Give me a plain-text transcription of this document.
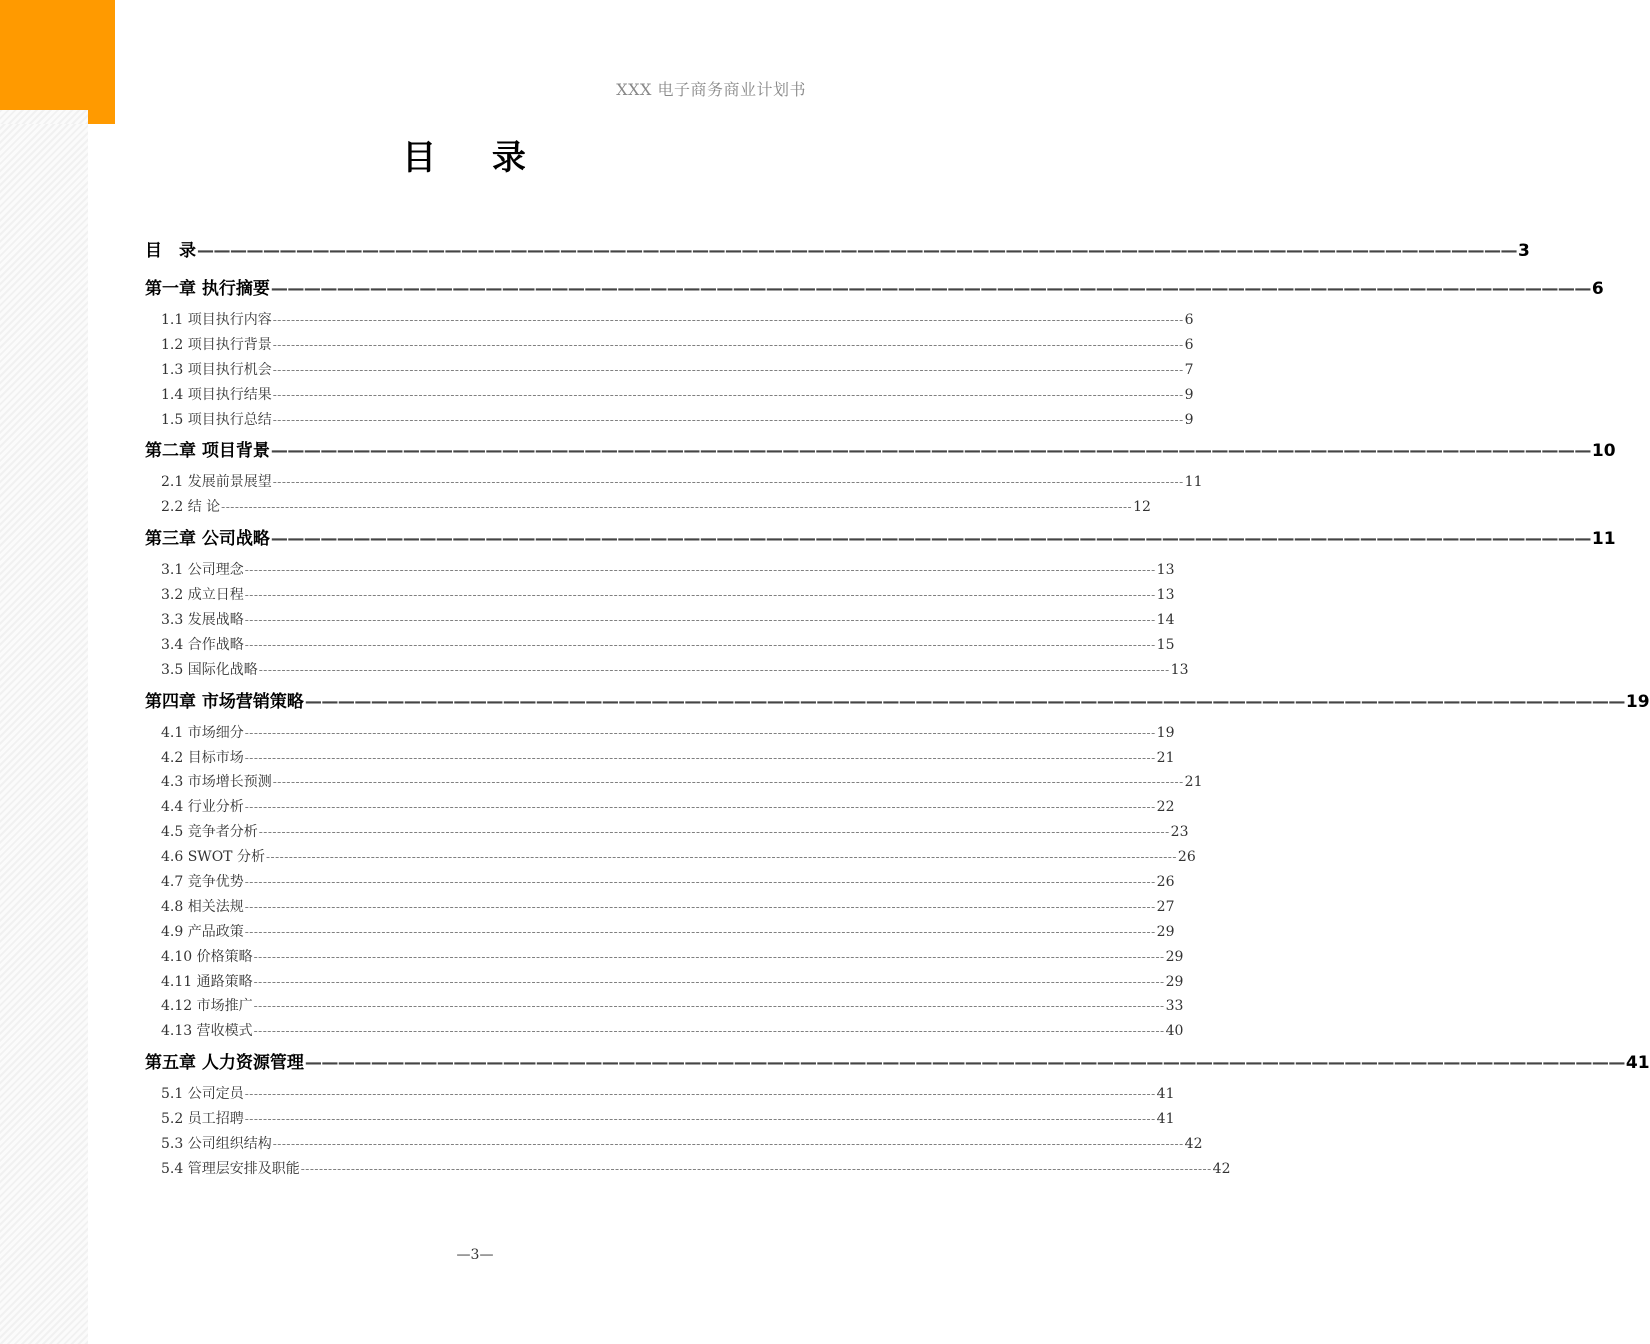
XXX 电子商务商业计划书
目 录
目　录 ———————————————————————————————————————————————————————————————————————————————— 3
第一章 执行摘要 ———————————————————————————————————————————————————————————————————————————————— 6
1.1 项目执行内容 -------------------------------------------------------------------------------------------------------------------------------------------------------------------------------------------------------- 6
1.2 项目执行背景 -------------------------------------------------------------------------------------------------------------------------------------------------------------------------------------------------------- 6
1.3 项目执行机会 -------------------------------------------------------------------------------------------------------------------------------------------------------------------------------------------------------- 7
1.4 项目执行结果 -------------------------------------------------------------------------------------------------------------------------------------------------------------------------------------------------------- 9
1.5 项目执行总结 -------------------------------------------------------------------------------------------------------------------------------------------------------------------------------------------------------- 9
第二章 项目背景 ———————————————————————————————————————————————————————————————————————————————— 10
2.1 发展前景展望 -------------------------------------------------------------------------------------------------------------------------------------------------------------------------------------------------------- 11
2.2 结 论 -------------------------------------------------------------------------------------------------------------------------------------------------------------------------------------------------------- 12
第三章 公司战略 ———————————————————————————————————————————————————————————————————————————————— 11
3.1 公司理念 -------------------------------------------------------------------------------------------------------------------------------------------------------------------------------------------------------- 13
3.2 成立日程 -------------------------------------------------------------------------------------------------------------------------------------------------------------------------------------------------------- 13
3.3 发展战略 -------------------------------------------------------------------------------------------------------------------------------------------------------------------------------------------------------- 14
3.4 合作战略 -------------------------------------------------------------------------------------------------------------------------------------------------------------------------------------------------------- 15
3.5 国际化战略 -------------------------------------------------------------------------------------------------------------------------------------------------------------------------------------------------------- 13
第四章 市场营销策略 ———————————————————————————————————————————————————————————————————————————————— 19
4.1 市场细分 -------------------------------------------------------------------------------------------------------------------------------------------------------------------------------------------------------- 19
4.2 目标市场 -------------------------------------------------------------------------------------------------------------------------------------------------------------------------------------------------------- 21
4.3 市场增长预测 -------------------------------------------------------------------------------------------------------------------------------------------------------------------------------------------------------- 21
4.4 行业分析 -------------------------------------------------------------------------------------------------------------------------------------------------------------------------------------------------------- 22
4.5 竞争者分析 -------------------------------------------------------------------------------------------------------------------------------------------------------------------------------------------------------- 23
4.6 SWOT 分析 -------------------------------------------------------------------------------------------------------------------------------------------------------------------------------------------------------- 26
4.7 竞争优势 -------------------------------------------------------------------------------------------------------------------------------------------------------------------------------------------------------- 26
4.8 相关法规 -------------------------------------------------------------------------------------------------------------------------------------------------------------------------------------------------------- 27
4.9 产品政策 -------------------------------------------------------------------------------------------------------------------------------------------------------------------------------------------------------- 29
4.10 价格策略 -------------------------------------------------------------------------------------------------------------------------------------------------------------------------------------------------------- 29
4.11 通路策略 -------------------------------------------------------------------------------------------------------------------------------------------------------------------------------------------------------- 29
4.12 市场推广 -------------------------------------------------------------------------------------------------------------------------------------------------------------------------------------------------------- 33
4.13 营收模式 -------------------------------------------------------------------------------------------------------------------------------------------------------------------------------------------------------- 40
第五章 人力资源管理 ———————————————————————————————————————————————————————————————————————————————— 41
5.1 公司定员 -------------------------------------------------------------------------------------------------------------------------------------------------------------------------------------------------------- 41
5.2 员工招聘 -------------------------------------------------------------------------------------------------------------------------------------------------------------------------------------------------------- 41
5.3 公司组织结构 -------------------------------------------------------------------------------------------------------------------------------------------------------------------------------------------------------- 42
5.4 管理层安排及职能 -------------------------------------------------------------------------------------------------------------------------------------------------------------------------------------------------------- 42
—3—
